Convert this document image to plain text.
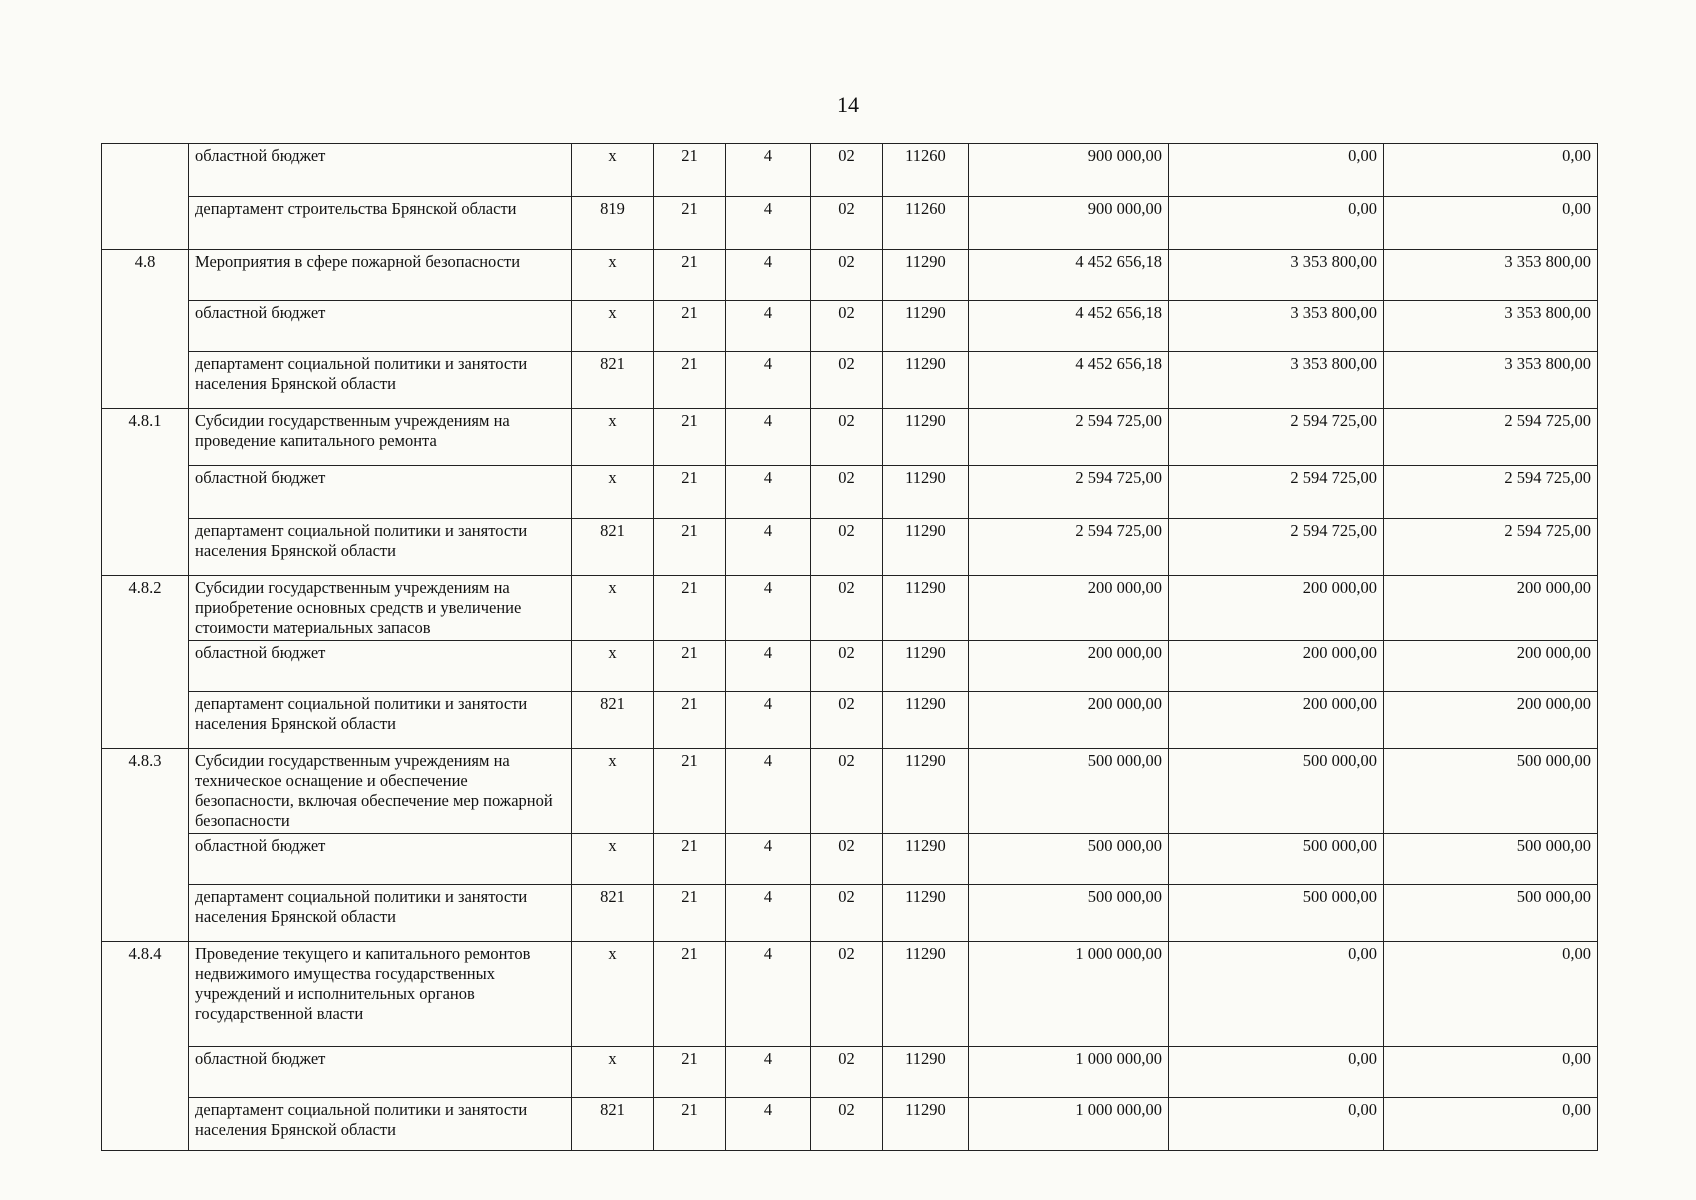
14
	областной бюджет	х	21	4	02	11260	900 000,00	0,00	0,00
	департамент строительства Брянской области	819	21	4	02	11260	900 000,00	0,00	0,00
4.8	Мероприятия в сфере пожарной безопасности	х	21	4	02	11290	4 452 656,18	3 353 800,00	3 353 800,00
	областной бюджет	х	21	4	02	11290	4 452 656,18	3 353 800,00	3 353 800,00
	департамент социальной политики и занятости населения Брянской области	821	21	4	02	11290	4 452 656,18	3 353 800,00	3 353 800,00
4.8.1	Субсидии государственным учреждениям на проведение капитального ремонта	х	21	4	02	11290	2 594 725,00	2 594 725,00	2 594 725,00
	областной бюджет	х	21	4	02	11290	2 594 725,00	2 594 725,00	2 594 725,00
	департамент социальной политики и занятости населения Брянской области	821	21	4	02	11290	2 594 725,00	2 594 725,00	2 594 725,00
4.8.2	Субсидии государственным учреждениям на приобретение основных средств и увеличение стоимости материальных запасов	х	21	4	02	11290	200 000,00	200 000,00	200 000,00
	областной бюджет	х	21	4	02	11290	200 000,00	200 000,00	200 000,00
	департамент социальной политики и занятости населения Брянской области	821	21	4	02	11290	200 000,00	200 000,00	200 000,00
4.8.3	Субсидии государственным учреждениям на техническое оснащение и обеспечение безопасности, включая обеспечение мер пожарной безопасности	х	21	4	02	11290	500 000,00	500 000,00	500 000,00
	областной бюджет	х	21	4	02	11290	500 000,00	500 000,00	500 000,00
	департамент социальной политики и занятости населения Брянской области	821	21	4	02	11290	500 000,00	500 000,00	500 000,00
4.8.4	Проведение текущего и капитального ремонтов недвижимого имущества государственных учреждений и исполнительных органов государственной власти	х	21	4	02	11290	1 000 000,00	0,00	0,00
	областной бюджет	х	21	4	02	11290	1 000 000,00	0,00	0,00
	департамент социальной политики и занятости населения Брянской области	821	21	4	02	11290	1 000 000,00	0,00	0,00
